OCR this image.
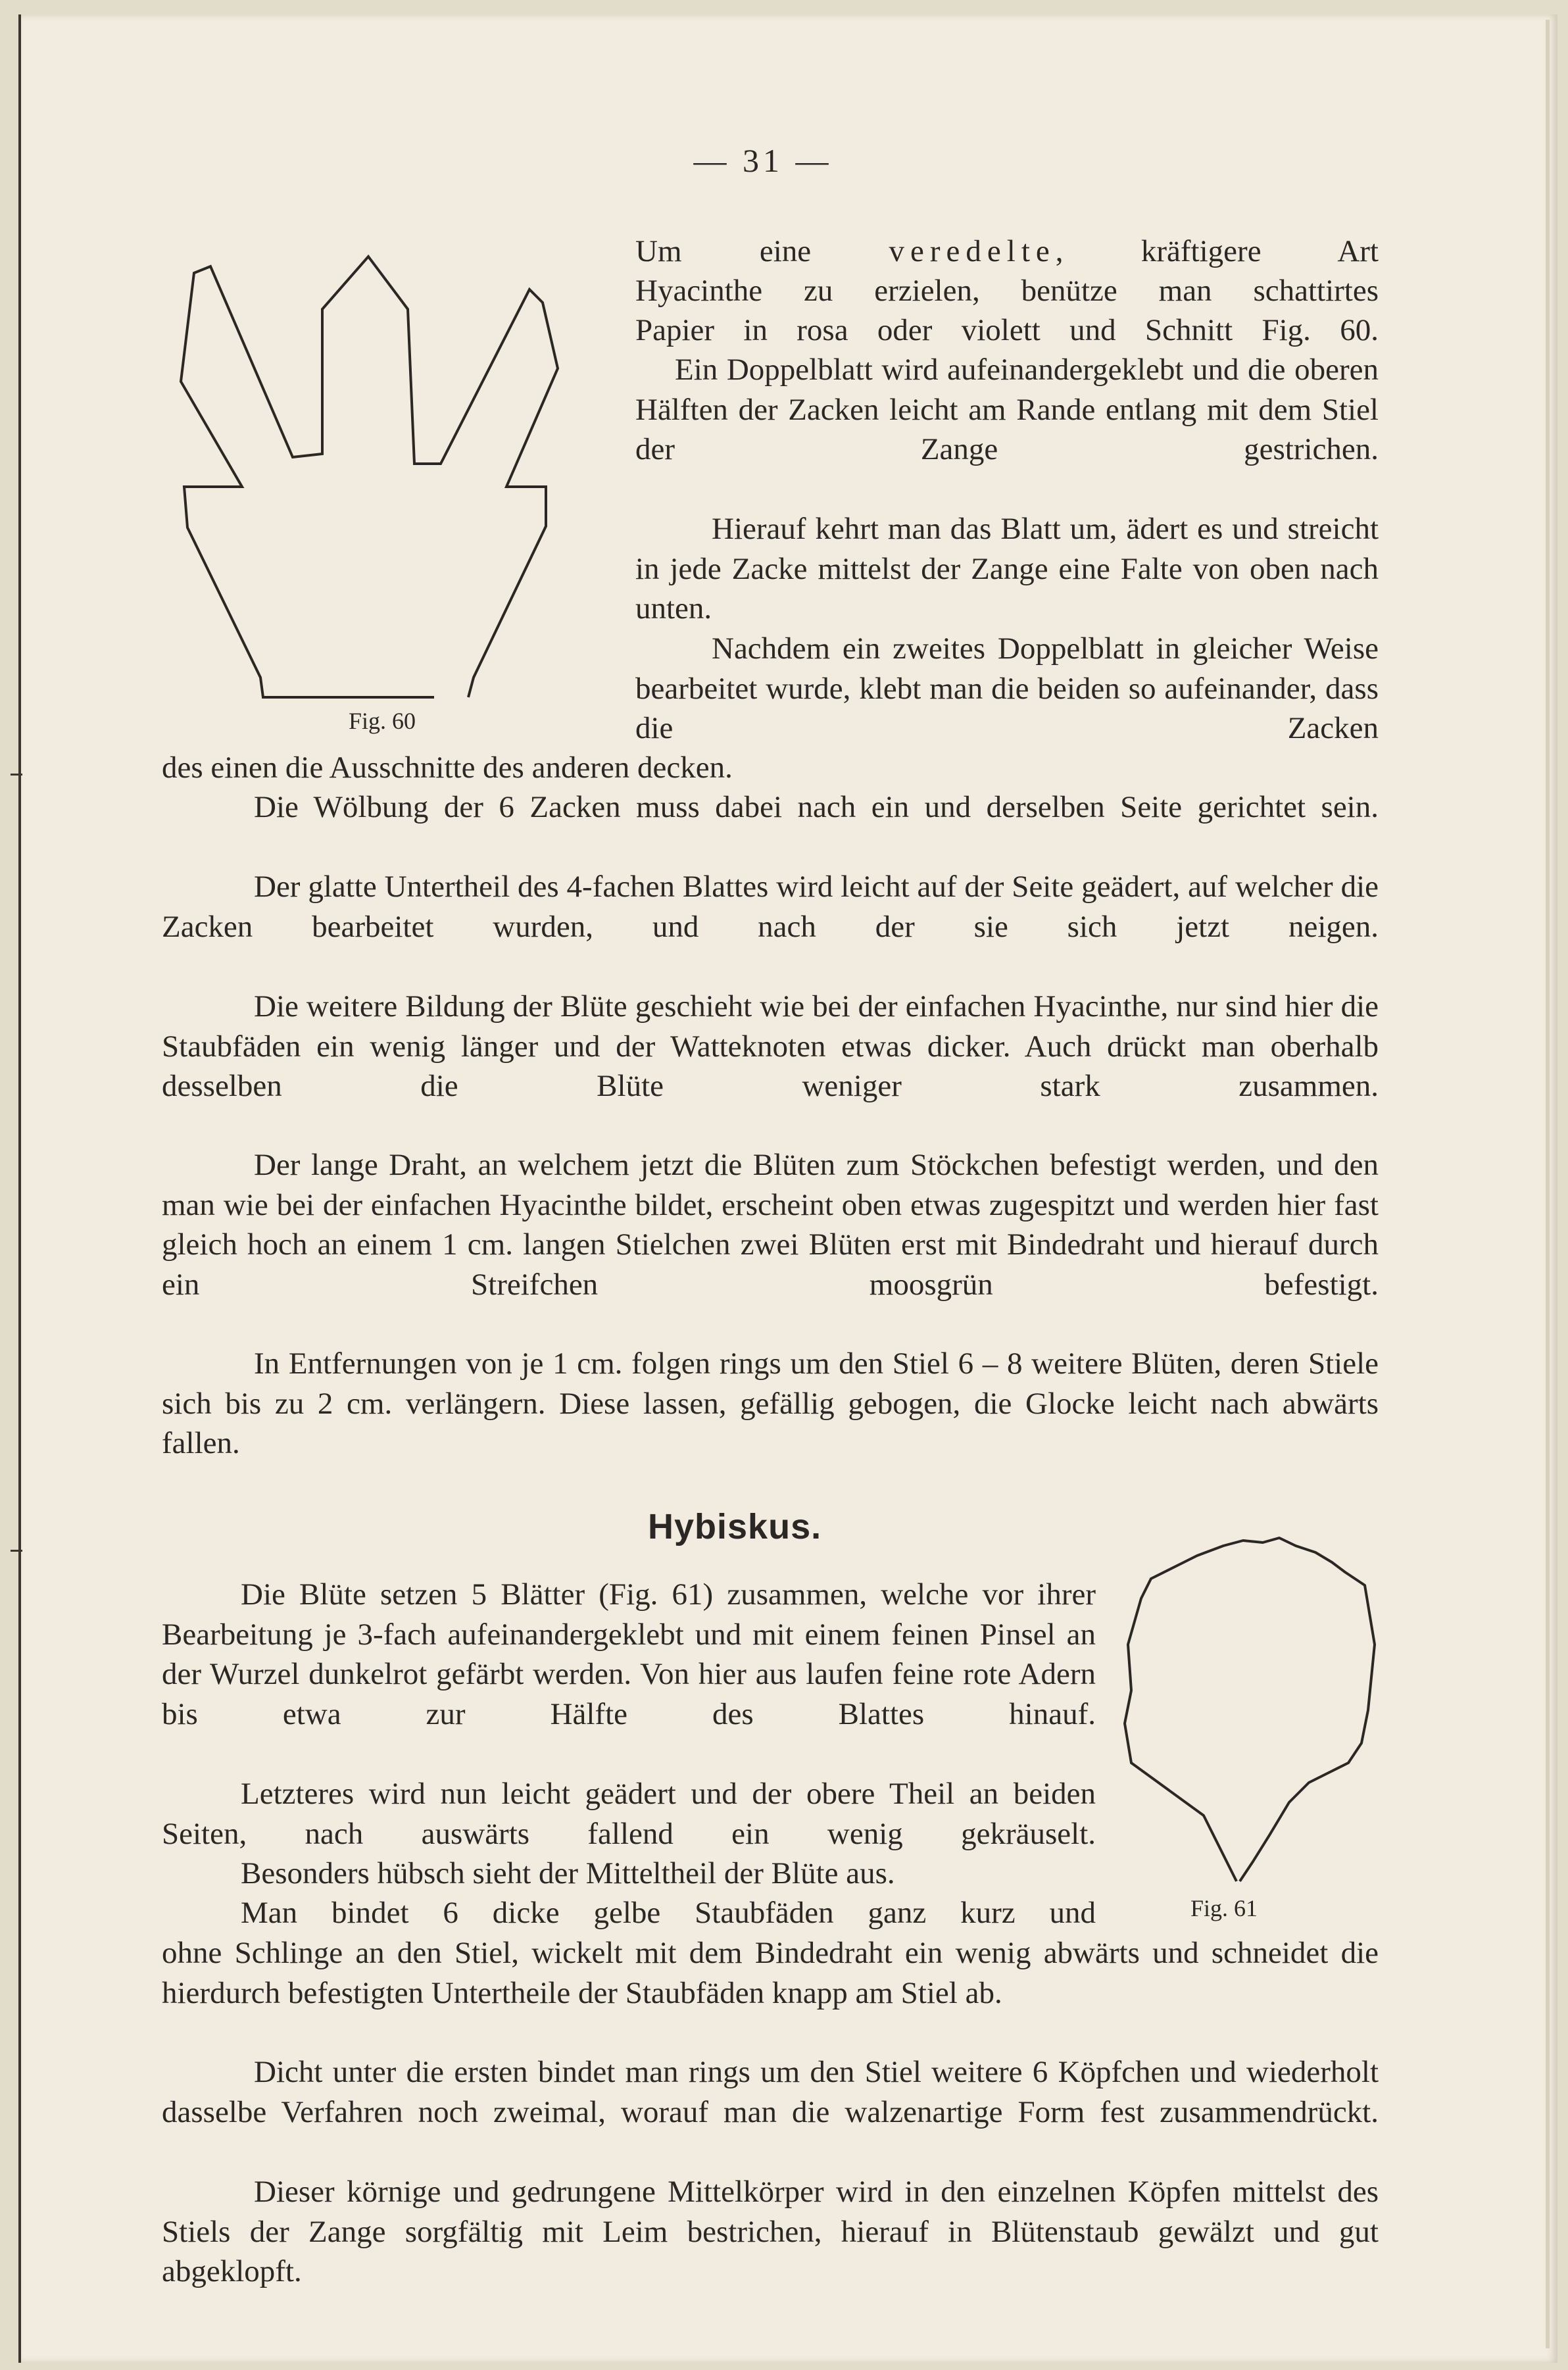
— 31 —
Fig. 60
Um eine veredelte, kräftigere Art
Hyacinthe zu erzielen, benütze man schattirtes
Papier in rosa oder violett und Schnitt Fig. 60.

Ein Doppelblatt wird aufeinandergeklebt und die oberen Hälften der Zacken leicht am Rande entlang mit dem Stiel der Zange gestrichen.

Hierauf kehrt man das Blatt um, ädert es und streicht in jede Zacke mittelst der Zange eine Falte von oben nach unten.

Nachdem ein zweites Doppelblatt in gleicher Weise bearbeitet wurde, klebt man die beiden so aufeinander, dass die Zacken

des einen die Ausschnitte des anderen decken.

Die Wölbung der 6 Zacken muss dabei nach ein und derselben Seite gerichtet sein.

Der glatte Untertheil des 4-fachen Blattes wird leicht auf der Seite geädert, auf welcher die Zacken bearbeitet wurden, und nach der sie sich jetzt neigen.

Die weitere Bildung der Blüte geschieht wie bei der einfachen Hyacinthe, nur sind hier die Staubfäden ein wenig länger und der Watteknoten etwas dicker. Auch drückt man oberhalb desselben die Blüte weniger stark zusammen.

Der lange Draht, an welchem jetzt die Blüten zum Stöckchen befestigt werden, und den man wie bei der einfachen Hyacinthe bildet, erscheint oben etwas zugespitzt und werden hier fast gleich hoch an einem 1 cm. langen Stielchen zwei Blüten erst mit Bindedraht und hierauf durch ein Streifchen moosgrün befestigt.

In Entfernungen von je 1 cm. folgen rings um den Stiel 6 – 8 weitere Blüten, deren Stiele sich bis zu 2 cm. verlängern. Diese lassen, gefällig gebogen, die Glocke leicht nach abwärts fallen.

Hybiskus.
Fig. 61

Die Blüte setzen 5 Blätter (Fig. 61) zusammen, welche vor ihrer Bearbeitung je 3-fach aufeinandergeklebt und mit einem feinen Pinsel an der Wurzel dunkelrot gefärbt werden. Von hier aus laufen feine rote Adern bis etwa zur Hälfte des Blattes hinauf.

Letzteres wird nun leicht geädert und der obere Theil an beiden Seiten, nach auswärts fallend ein wenig gekräuselt.

Besonders hübsch sieht der Mitteltheil der Blüte aus.

Man bindet 6 dicke gelbe Staubfäden ganz kurz und

ohne Schlinge an den Stiel, wickelt mit dem Bindedraht ein wenig abwärts und schneidet die hierdurch befestigten Untertheile der Staubfäden knapp am Stiel ab.

Dicht unter die ersten bindet man rings um den Stiel weitere 6 Köpfchen und wiederholt dasselbe Verfahren noch zweimal, worauf man die walzenartige Form fest zusammendrückt.

Dieser körnige und gedrungene Mittelkörper wird in den einzelnen Köpfen mittelst des Stiels der Zange sorgfältig mit Leim bestrichen, hierauf in Blütenstaub gewälzt und gut abgeklopft.
